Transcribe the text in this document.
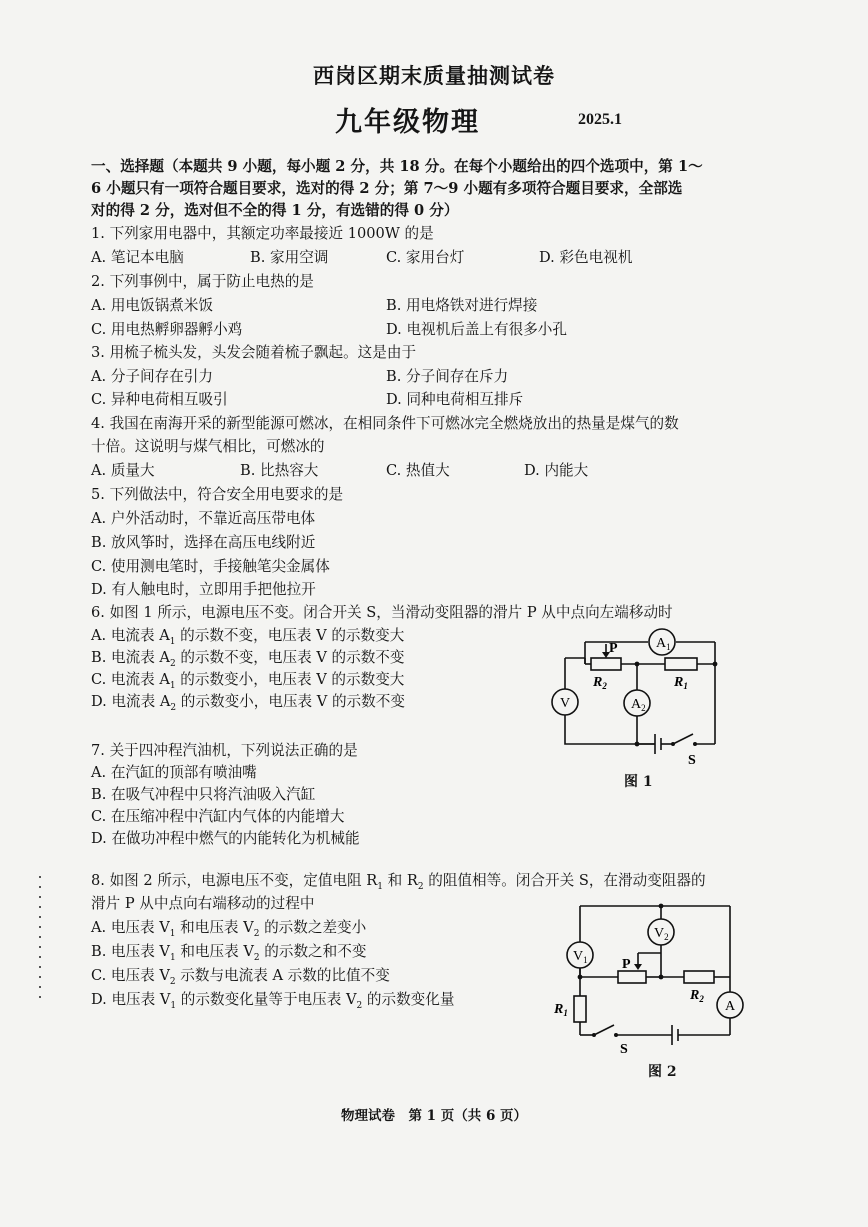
西岗区期末质量抽测试卷
九年级物理	2025.1
一、选择题（本题共 9 小题，每小题 2 分，共 18 分。在每个小题给出的四个选项中，第 1～
6 小题只有一项符合题目要求，选对的得 2 分；第 7～9 小题有多项符合题目要求，全部选
对的得 2 分，选对但不全的得 1 分，有选错的得 0 分）
1. 下列家用电器中，其额定功率最接近 1000W 的是
A. 笔记本电脑	B. 家用空调	C. 家用台灯	D. 彩色电视机
2. 下列事例中，属于防止电热的是
A. 用电饭锅煮米饭	B. 用电烙铁对进行焊接
C. 用电热孵卵器孵小鸡	D. 电视机后盖上有很多小孔
3. 用梳子梳头发，头发会随着梳子飘起。这是由于
A. 分子间存在引力	B. 分子间存在斥力
C. 异种电荷相互吸引	D. 同种电荷相互排斥
4. 我国在南海开采的新型能源可燃冰，在相同条件下可燃冰完全燃烧放出的热量是煤气的数
十倍。这说明与煤气相比，可燃冰的
A. 质量大	B. 比热容大	C. 热值大	D. 内能大
5. 下列做法中，符合安全用电要求的是
A. 户外活动时，不靠近高压带电体
B. 放风筝时，选择在高压电线附近
C. 使用测电笔时，手接触笔尖金属体
D. 有人触电时，立即用手把他拉开
6. 如图 1 所示，电源电压不变。闭合开关 S，当滑动变阻器的滑片 P 从中点向左端移动时
A. 电流表 $A_1$ 的示数不变，电压表 V 的示数变大
B. 电流表 $A_2$ 的示数不变，电压表 V 的示数不变
C. 电流表 $A_1$ 的示数变小，电压表 V 的示数变大
D. 电流表 $A_2$ 的示数变小，电压表 V 的示数不变
$A_1$
$A_2$
V
P
$R_2$	$R_1$
S
图 1
7. 关于四冲程汽油机，下列说法正确的是
A. 在汽缸的顶部有喷油嘴
B. 在吸气冲程中只将汽油吸入汽缸
C. 在压缩冲程中汽缸内气体的内能增大
D. 在做功冲程中燃气的内能转化为机械能
8. 如图 2 所示，电源电压不变，定值电阻 $R_1$ 和 $R_2$ 的阻值相等。闭合开关 S，在滑动变阻器的
滑片 P 从中点向右端移动的过程中
A. 电压表 $V_1$ 和电压表 $V_2$ 的示数之差变小
B. 电压表 $V_1$ 和电压表 $V_2$ 的示数之和不变
C. 电压表 $V_2$ 示数与电流表 A 示数的比值不变
D. 电压表 $V_1$ 的示数变化量等于电压表 $V_2$ 的示数变化量
$V_1$
$V_2$
A
P
$R_1$
$R_2$
S
图 2
物理试卷　第 1 页（共 6 页）
